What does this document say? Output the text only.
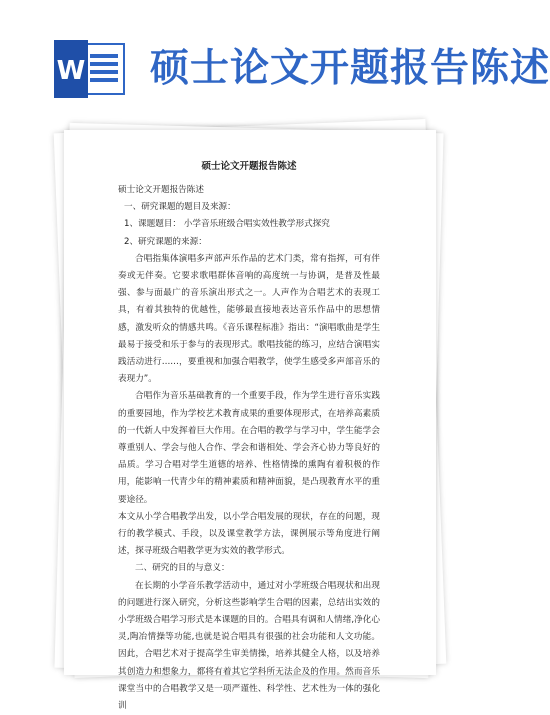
W 硕士论文开题报告陈述
硕士论文开题报告陈述

硕士论文开题报告陈述

一、研究课题的题目及来源：

1、课题题目： 小学音乐班级合唱实效性教学形式探究

2、研究课题的来源：

合唱指集体演唱多声部声乐作品的艺术门类，常有指挥，可有伴奏或无伴奏。它要求歌唱群体音响的高度统一与协调，是普及性最强、参与面最广的音乐演出形式之一。人声作为合唱艺术的表现工具，有着其独特的优越性，能够最直接地表达音乐作品中的思想情感，激发听众的情感共鸣。《音乐课程标准》指出：“演唱歌曲是学生最易于接受和乐于参与的表现形式。歌唱技能的练习，应结合演唱实践活动进行……，要重视和加强合唱教学，使学生感受多声部音乐的表现力”。

合唱作为音乐基础教育的一个重要手段，作为学生进行音乐实践的重要园地，作为学校艺术教育成果的重要体现形式，在培养高素质的一代新人中发挥着巨大作用。在合唱的教学与学习中，学生能学会尊重别人、学会与他人合作、学会和谐相处、学会齐心协力等良好的品质。学习合唱对学生道德的培养、性格情操的熏陶有着积极的作用，能影响一代青少年的精神素质和精神面貌，是凸现教育水平的重要途径。

本文从小学合唱教学出发，以小学合唱发展的现状，存在的问题，现行的教学模式、手段，以及课堂教学方法，课例展示等角度进行阐述，探寻班级合唱教学更为实效的教学形式。

二、研究的目的与意义：

在长期的小学音乐教学活动中，通过对小学班级合唱现状和出现的问题进行深入研究，分析这些影响学生合唱的因素，总结出实效的小学班级合唱学习形式是本课题的目的。合唱具有调和人情绪,净化心灵,陶冶情操等功能,也就是说合唱具有很强的社会功能和人文功能。因此，合唱艺术对于提高学生审美情操，培养其健全人格，以及培养其创造力和想象力，都将有着其它学科所无法企及的作用。然而音乐课堂当中的合唱教学又是一项严谨性、科学性、艺术性为一体的强化训
